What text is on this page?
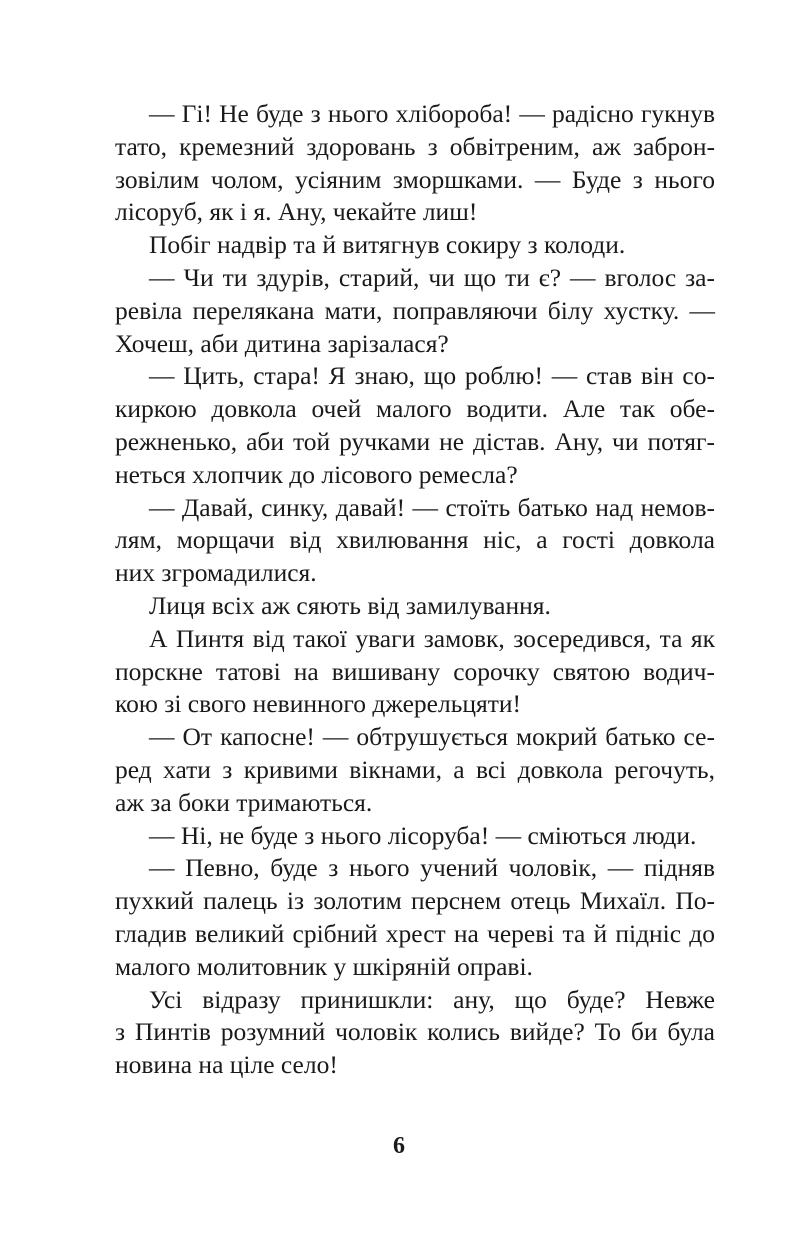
— Гі! Не буде з нього хлібороба! — радісно гукнув
тато, кремезний здоровань з обвітреним, аж заброн-
зовілим чолом, усіяним зморшками. — Буде з нього
лісоруб, як і я. Ану, чекайте лиш!
Побіг надвір та й витягнув сокиру з колоди.
— Чи ти здурів, старий, чи що ти є? — вголос за-
ревіла перелякана мати, поправляючи білу хустку. —
Хочеш, аби дитина зарізалася?
— Цить, стара! Я знаю, що роблю! — став він со-
киркою довкола очей малого водити. Але так обе-
режненько, аби той ручками не дістав. Ану, чи потяг-
неться хлопчик до лісового ремесла?
— Давай, синку, давай! — стоїть батько над немов-
лям, морщачи від хвилювання ніс, а гості довкола
них згромадилися.
Лиця всіх аж сяють від замилування.
А Пинтя від такої уваги замовк, зосередився, та як
порскне татові на вишивану сорочку святою водич-
кою зі свого невинного джерельцяти!
— От капосне! — обтрушується мокрий батько се-
ред хати з кривими вікнами, а всі довкола регочуть,
аж за боки тримаються.
— Ні, не буде з нього лісоруба! — сміються люди.
— Певно, буде з нього учений чоловік, — підняв
пухкий палець із золотим перснем отець Михаїл. По-
гладив великий срібний хрест на череві та й підніс до
малого молитовник у шкіряній оправі.
Усі відразу принишкли: ану, що буде? Невже
з Пинтів розумний чоловік колись вийде? То би була
новина на ціле село!
6
